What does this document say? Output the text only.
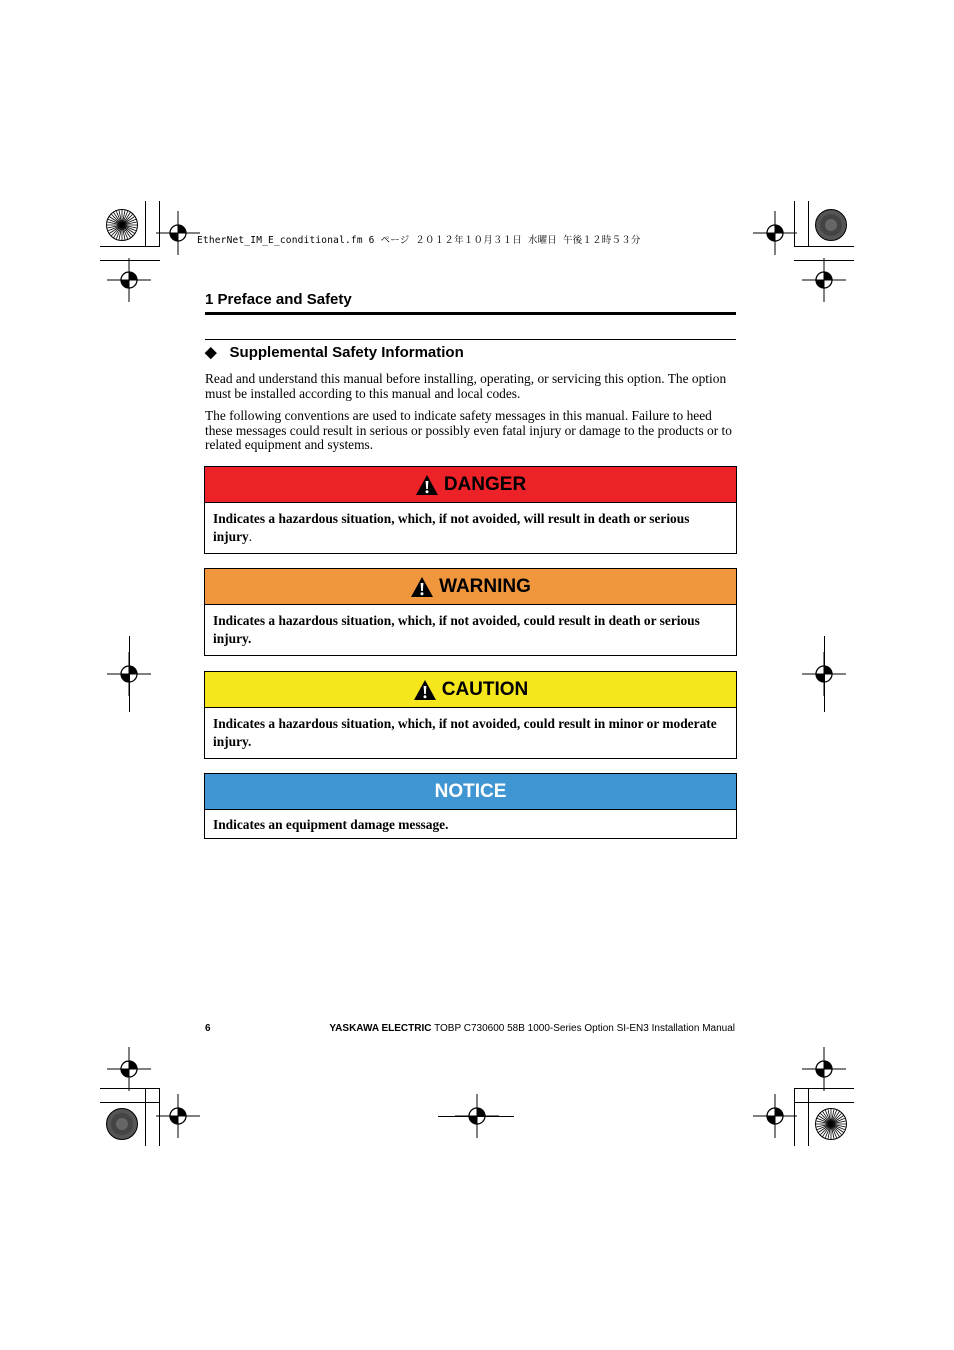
EtherNet_IM_E_conditional.fm 6 ページ ２０１２年１０月３１日 水曜日 午後１２時５３分
1 Preface and Safety
◆ Supplemental Safety Information
Read and understand this manual before installing, operating, or servicing this option. The option must be installed according to this manual and local codes.
The following conventions are used to indicate safety messages in this manual. Failure to heed these messages could result in serious or possibly even fatal injury or damage to the products or to related equipment and systems.
DANGER
Indicates a hazardous situation, which, if not avoided, will result in death or serious injury.
WARNING
Indicates a hazardous situation, which, if not avoided, could result in death or serious injury.
CAUTION
Indicates a hazardous situation, which, if not avoided, could result in minor or moderate injury.
NOTICE
Indicates an equipment damage message.
6	YASKAWA ELECTRIC TOBP C730600 58B 1000-Series Option SI-EN3 Installation Manual
